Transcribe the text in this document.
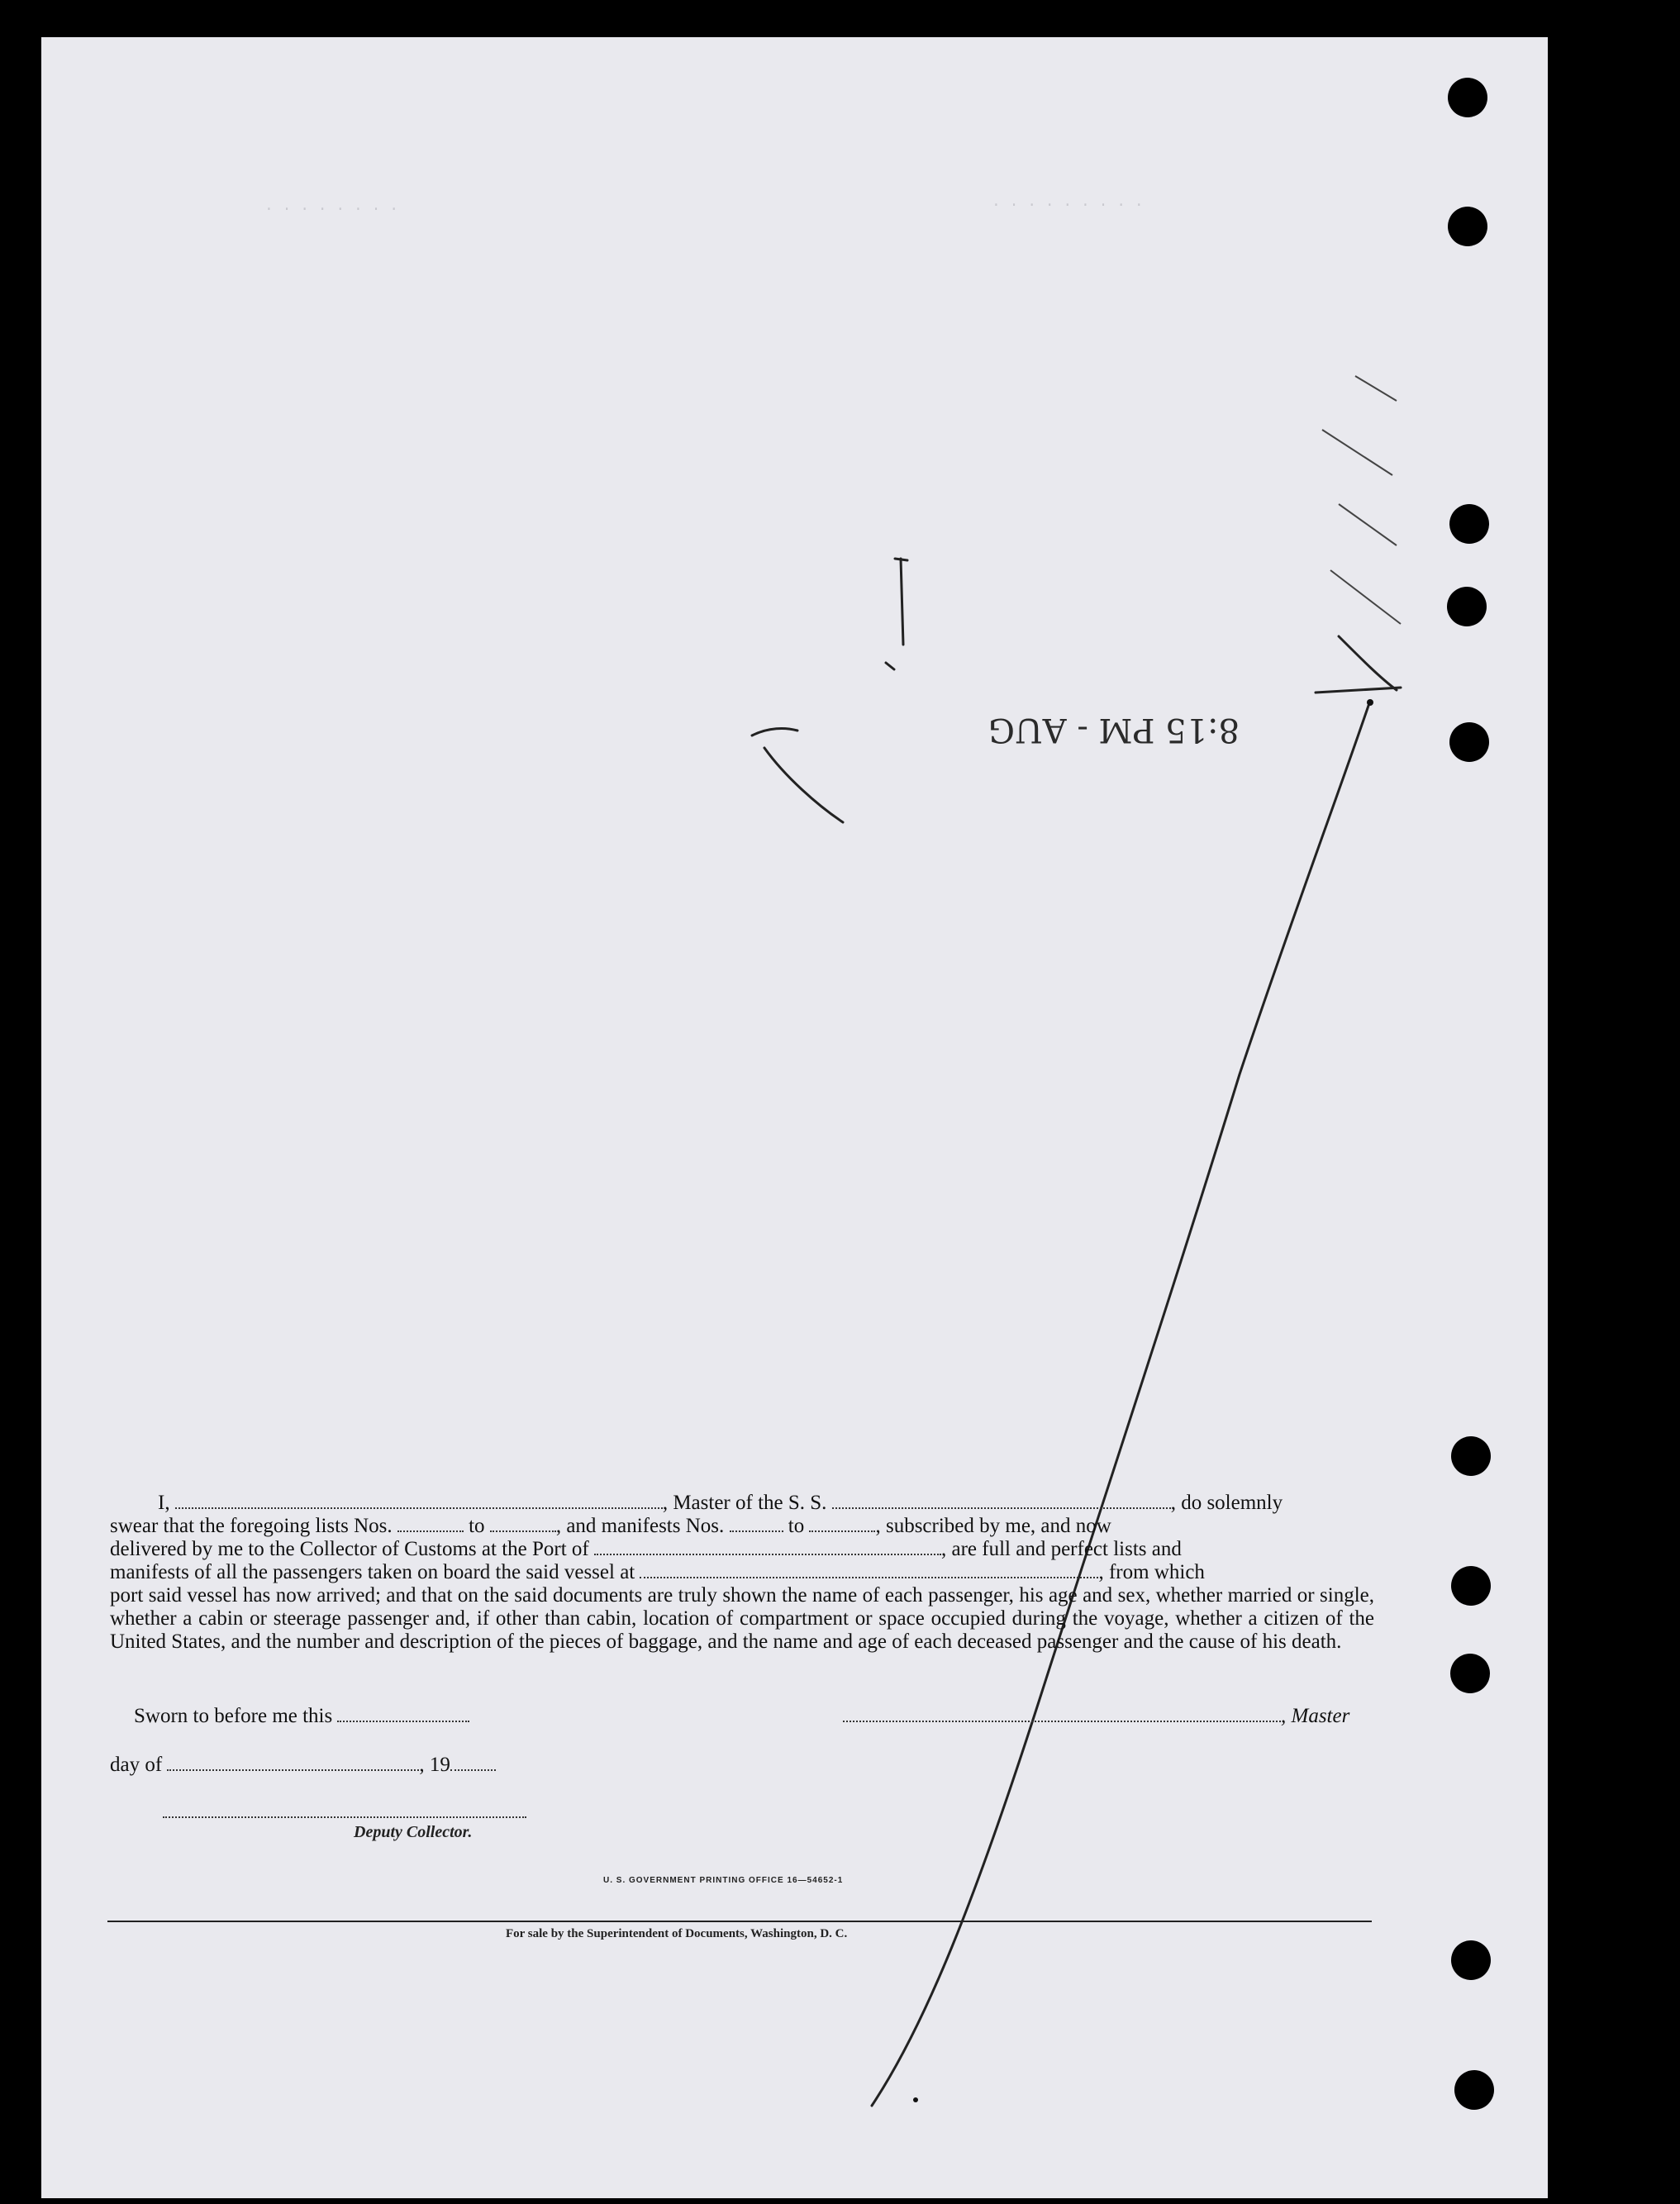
8:15 PM - AUG
. . . . . . . .	. . . . . . . . .

I,	, Master of the S. S.	, do solemnly

swear that the foregoing lists Nos.	to	, and manifests Nos.	to	, subscribed by me, and now

delivered by me to the Collector of Customs at the Port of	, are full and perfect lists and

manifests of all the passengers taken on board the said vessel at	, from which

port said vessel has now arrived; and that on the said documents are truly shown the name of each passenger, his age and sex, whether married or single, whether a cabin or steerage passenger and, if other than cabin, location of compartment or space occupied during the voyage, whether a citizen of the United States, and the number and description of the pieces of baggage, and the name and age of each deceased passenger and the cause of his death.

Sworn to before me this	, Master
day of	, 19
Deputy Collector.
U. S. GOVERNMENT PRINTING OFFICE 16—54652-1
For sale by the Superintendent of Documents, Washington, D. C.
